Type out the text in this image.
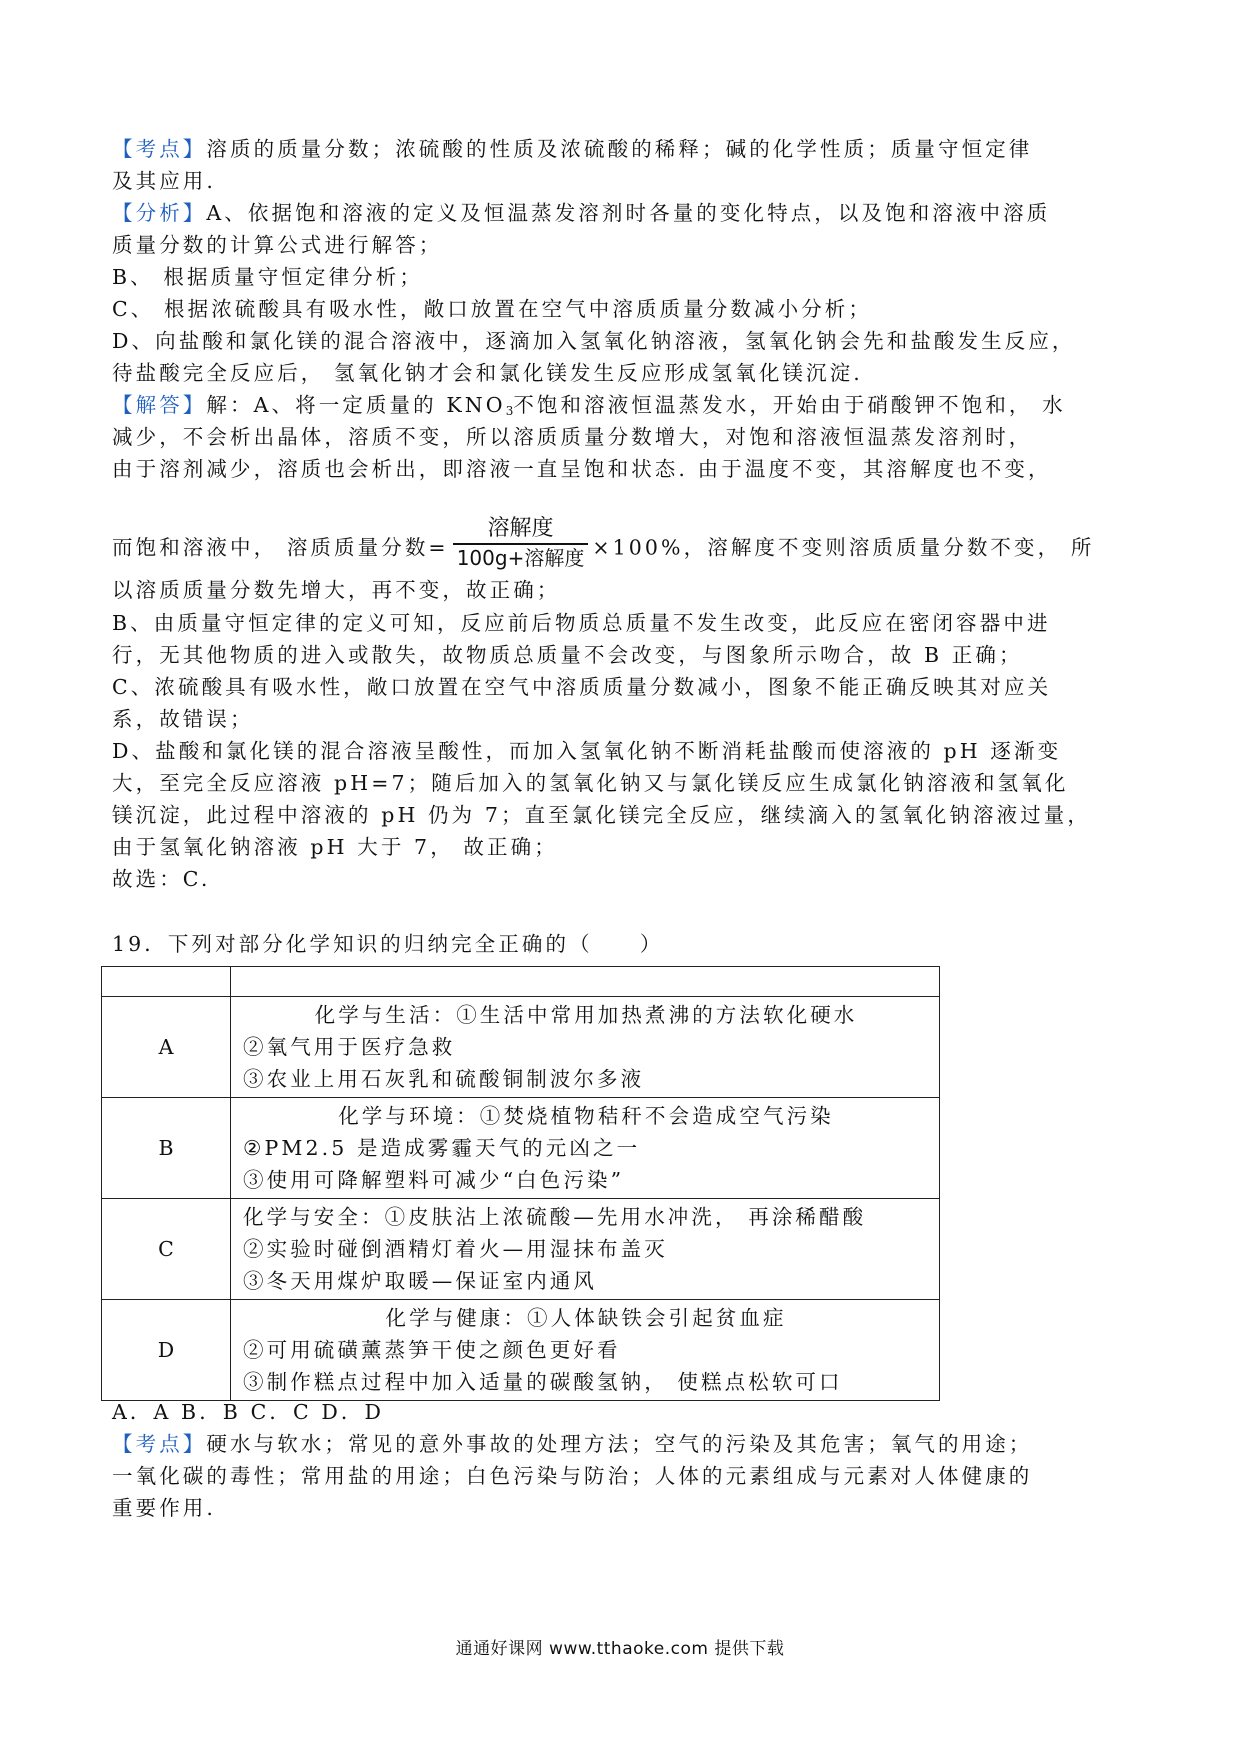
【考点】溶质的质量分数；浓硫酸的性质及浓硫酸的稀释；碱的化学性质；质量守恒定律
及其应用.
【分析】A、依据饱和溶液的定义及恒温蒸发溶剂时各量的变化特点，以及饱和溶液中溶质
质量分数的计算公式进行解答；
B、 根据质量守恒定律分析；
C、 根据浓硫酸具有吸水性，敞口放置在空气中溶质质量分数减小分析；
D、向盐酸和氯化镁的混合溶液中，逐滴加入氢氧化钠溶液，氢氧化钠会先和盐酸发生反应，
待盐酸完全反应后， 氢氧化钠才会和氯化镁发生反应形成氢氧化镁沉淀.
【解答】解：A、将一定质量的 $KNO_3$不饱和溶液恒温蒸发水，开始由于硝酸钾不饱和， 水
减少，不会析出晶体，溶质不变，所以溶质质量分数增大，对饱和溶液恒温蒸发溶剂时，
由于溶剂减少，溶质也会析出，即溶液一直呈饱和状态. 由于温度不变，其溶解度也不变，
而饱和溶液中， 溶质质量分数= $\frac{\text{溶解度}}{\text{100g+溶解度}} \times 100\%$，溶解度不变则溶质质量分数不变， 所
以溶质质量分数先增大，再不变，故正确；
B、由质量守恒定律的定义可知，反应前后物质总质量不发生改变，此反应在密闭容器中进
行，无其他物质的进入或散失，故物质总质量不会改变，与图象所示吻合，故 B 正确；
C、浓硫酸具有吸水性，敞口放置在空气中溶质质量分数减小，图象不能正确反映其对应关
系，故错误；
D、盐酸和氯化镁的混合溶液呈酸性，而加入氢氧化钠不断消耗盐酸而使溶液的 pH 逐渐变
大，至完全反应溶液 pH=7；随后加入的氢氧化钠又与氯化镁反应生成氯化钠溶液和氢氧化
镁沉淀，此过程中溶液的 pH 仍为 7；直至氯化镁完全反应，继续滴入的氢氧化钠溶液过量，
由于氢氧化钠溶液 pH 大于 7， 故正确；
故选：C.
19．下列对部分化学知识的归纳完全正确的（　　）

A	化学与生活：①生活中常用加热煮沸的方法软化硬水
②氧气用于医疗急救
③农业上用石灰乳和硫酸铜制波尔多液

B	化学与环境：①焚烧植物秸秆不会造成空气污染
②PM2.5 是造成雾霾天气的元凶之一
③使用可降解塑料可减少“白色污染”

C	化学与安全：①皮肤沾上浓硫酸—先用水冲洗， 再涂稀醋酸
②实验时碰倒酒精灯着火—用湿抹布盖灭
③冬天用煤炉取暖—保证室内通风

D	化学与健康：①人体缺铁会引起贫血症
②可用硫磺薰蒸笋干使之颜色更好看
③制作糕点过程中加入适量的碳酸氢钠， 使糕点松软可口
A．A B．B C．C D．D
【考点】硬水与软水；常见的意外事故的处理方法；空气的污染及其危害；氧气的用途；
一氧化碳的毒性；常用盐的用途；白色污染与防治；人体的元素组成与元素对人体健康的
重要作用.
通通好课网 www.tthaoke.com 提供下载
